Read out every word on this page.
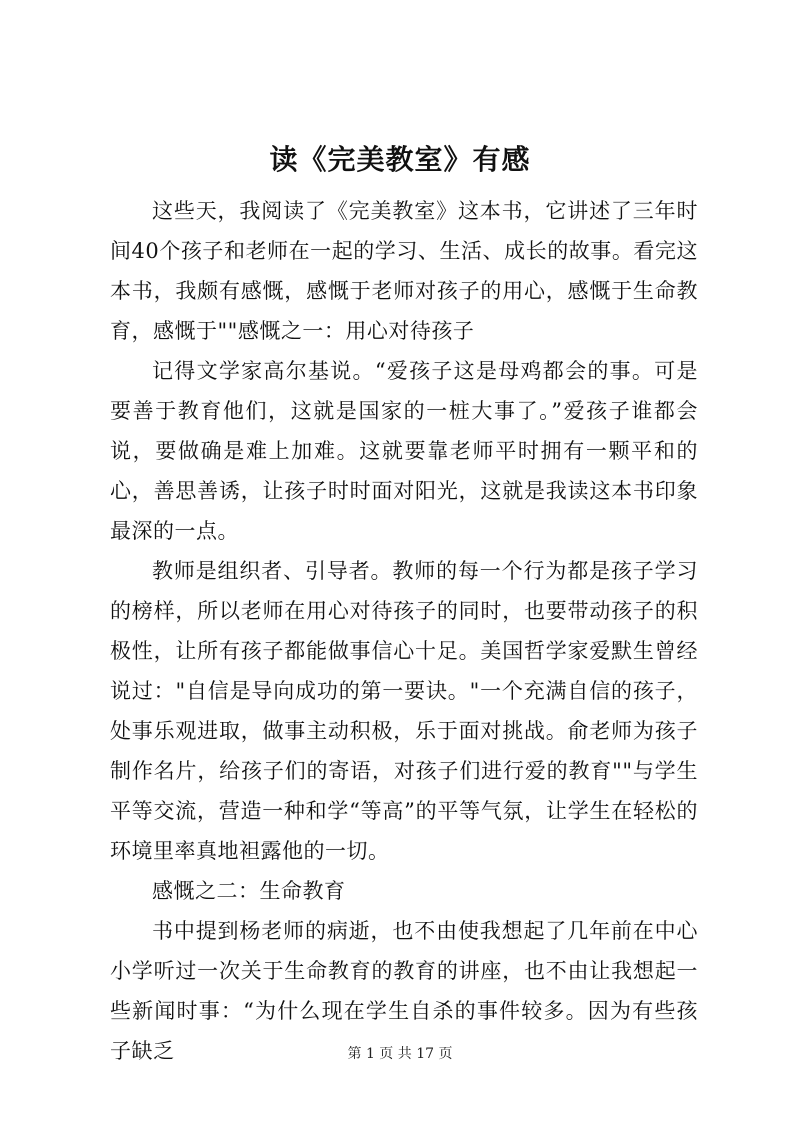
读《完美教室》有感

这些天，我阅读了《完美教室》这本书，它讲述了三年时间40个孩子和老师在一起的学习、生活、成长的故事。看完这本书，我颇有感慨，感慨于老师对孩子的用心，感慨于生命教育，感慨于""感慨之一：用心对待孩子

记得文学家高尔基说。“爱孩子这是母鸡都会的事。可是要善于教育他们，这就是国家的一桩大事了。”爱孩子谁都会说，要做确是难上加难。这就要靠老师平时拥有一颗平和的心，善思善诱，让孩子时时面对阳光，这就是我读这本书印象最深的一点。

教师是组织者、引导者。教师的每一个行为都是孩子学习的榜样，所以老师在用心对待孩子的同时，也要带动孩子的积极性，让所有孩子都能做事信心十足。美国哲学家爱默生曾经说过："自信是导向成功的第一要诀。"一个充满自信的孩子，处事乐观进取，做事主动积极，乐于面对挑战。俞老师为孩子制作名片，给孩子们的寄语，对孩子们进行爱的教育""与学生平等交流，营造一种和学“等高”的平等气氛，让学生在轻松的环境里率真地袒露他的一切。

感慨之二：生命教育

书中提到杨老师的病逝，也不由使我想起了几年前在中心小学听过一次关于生命教育的教育的讲座，也不由让我想起一些新闻时事：“为什么现在学生自杀的事件较多。因为有些孩子缺乏	第 1 页 共 17 页
